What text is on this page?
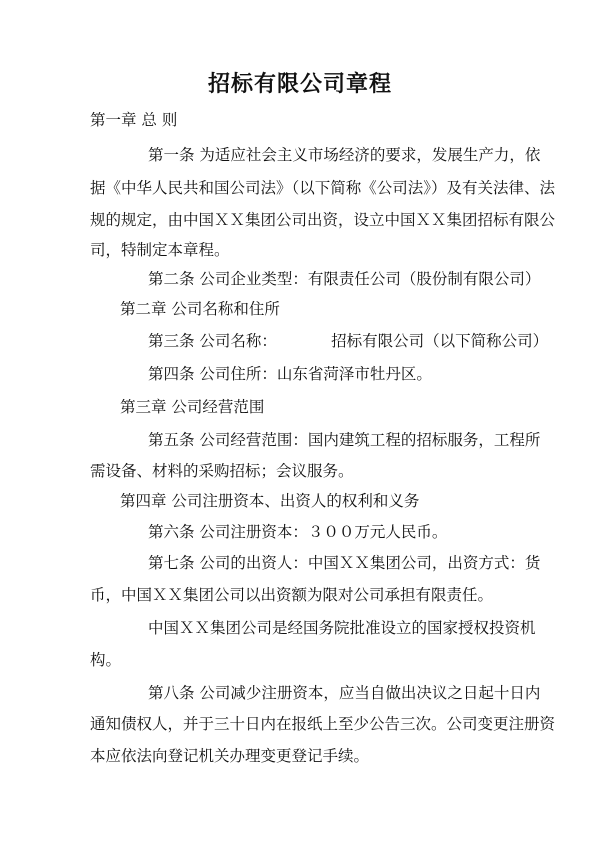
招标有限公司章程
第一章 总 则
第一条 为适应社会主义市场经济的要求，发展生产力，依
据《中华人民共和国公司法》（以下简称《公司法》）及有关法律、法
规的规定，由中国ＸＸ集团公司出资，设立中国ＸＸ集团招标有限公
司，特制定本章程。
第二条 公司企业类型：有限责任公司（股份制有限公司）
第二章 公司名称和住所
第三条 公司名称：　　　　招标有限公司（以下简称公司）
第四条 公司住所：山东省菏泽市牡丹区。
第三章 公司经营范围
第五条 公司经营范围：国内建筑工程的招标服务，工程所
需设备、材料的采购招标；会议服务。
第四章 公司注册资本、出资人的权利和义务
第六条 公司注册资本：３００万元人民币。
第七条 公司的出资人：中国ＸＸ集团公司，出资方式：货
币，中国ＸＸ集团公司以出资额为限对公司承担有限责任。
中国ＸＸ集团公司是经国务院批准设立的国家授权投资机
构。
第八条 公司减少注册资本，应当自做出决议之日起十日内
通知债权人，并于三十日内在报纸上至少公告三次。公司变更注册资
本应依法向登记机关办理变更登记手续。
